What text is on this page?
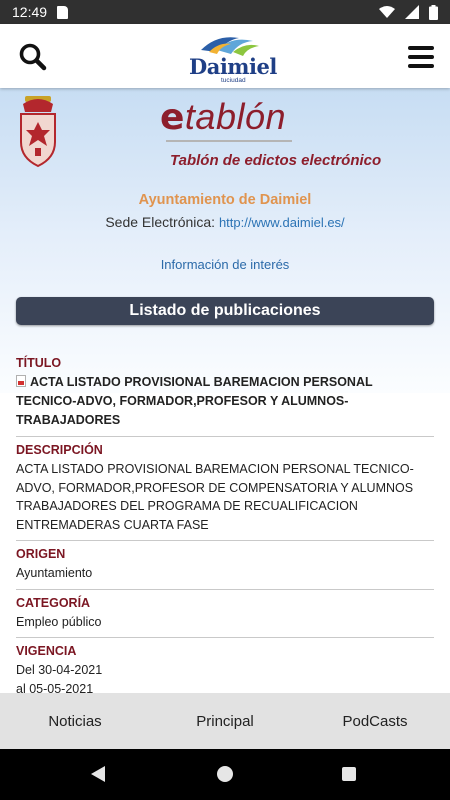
12:49
Daimiel
tuciudad
etablón
Tablón de edictos electrónico
Ayuntamiento de Daimiel
Sede Electrónica: http://www.daimiel.es/
Información de interés
Listado de publicaciones
TÍTULO
ACTA LISTADO PROVISIONAL BAREMACION PERSONAL TECNICO-ADVO, FORMADOR,PROFESOR Y ALUMNOS-TRABAJADORES
DESCRIPCIÓN
ACTA LISTADO PROVISIONAL BAREMACION PERSONAL TECNICO-ADVO, FORMADOR,PROFESOR DE COMPENSATORIA Y ALUMNOS TRABAJADORES DEL PROGRAMA DE RECUALIFICACION ENTREMADERAS CUARTA FASE
ORIGEN
Ayuntamiento
CATEGORÍA
Empleo público
VIGENCIA
Del 30-04-2021
al 05-05-2021
Noticias	Principal	PodCasts
